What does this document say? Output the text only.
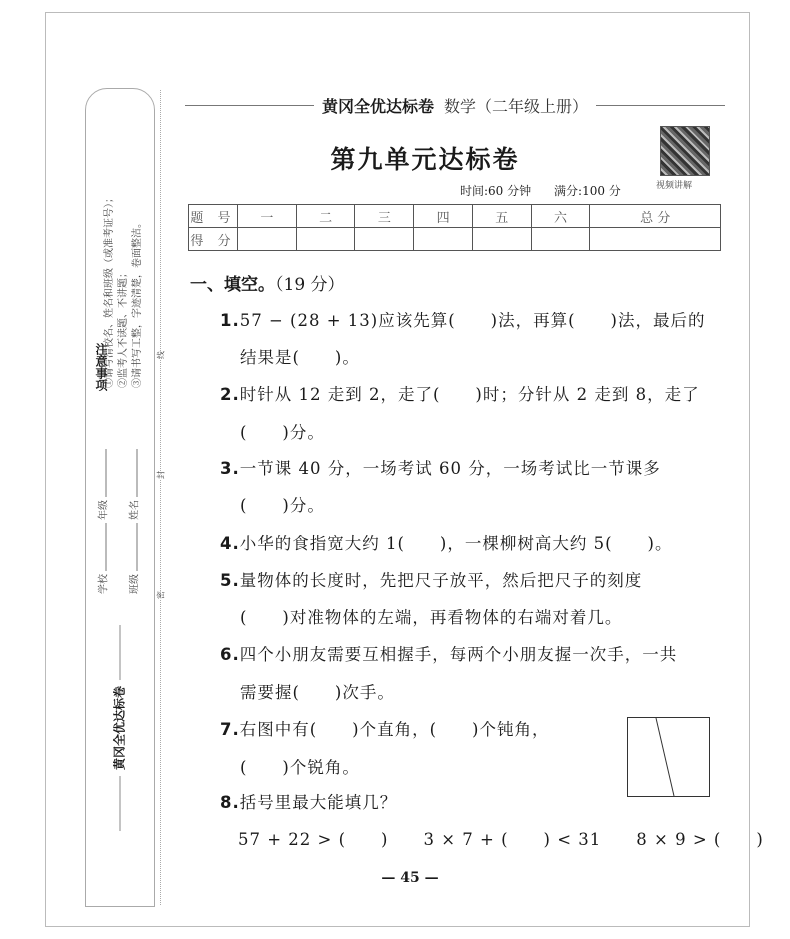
黄冈全优达标卷
学校年级
班级姓名
密
封
线
注意事项
①请写清校名、姓名和班级（或准考证号）； ②监考人不读题、不讲题； ③请书写工整，字迹清楚，卷面整洁。
黄冈全优达标卷 数学（二年级上册）
第九单元达标卷
视频讲解
时间:60 分钟 满分:100 分
题 号	一	二	三	四	五	六	总 分
得 分							
一、填空。（19 分）
1.57 − (28 + 13)应该先算(　　)法，再算(　　)法，最后的
结果是(　　)。
2.时针从 12 走到 2，走了(　　)时；分针从 2 走到 8，走了
(　　)分。
3.一节课 40 分，一场考试 60 分，一场考试比一节课多
(　　)分。
4.小华的食指宽大约 1(　　)，一棵柳树高大约 5(　　)。
5.量物体的长度时，先把尺子放平，然后把尺子的刻度
(　　)对准物体的左端，再看物体的右端对着几。
6.四个小朋友需要互相握手，每两个小朋友握一次手，一共
需要握(　　)次手。
7.右图中有(　　)个直角，(　　)个钝角，
(　　)个锐角。
8.括号里最大能填几？
57 + 22 > (　　)　　3 × 7 + (　　) < 31　　8 × 9 > (　　)
— 45 —
